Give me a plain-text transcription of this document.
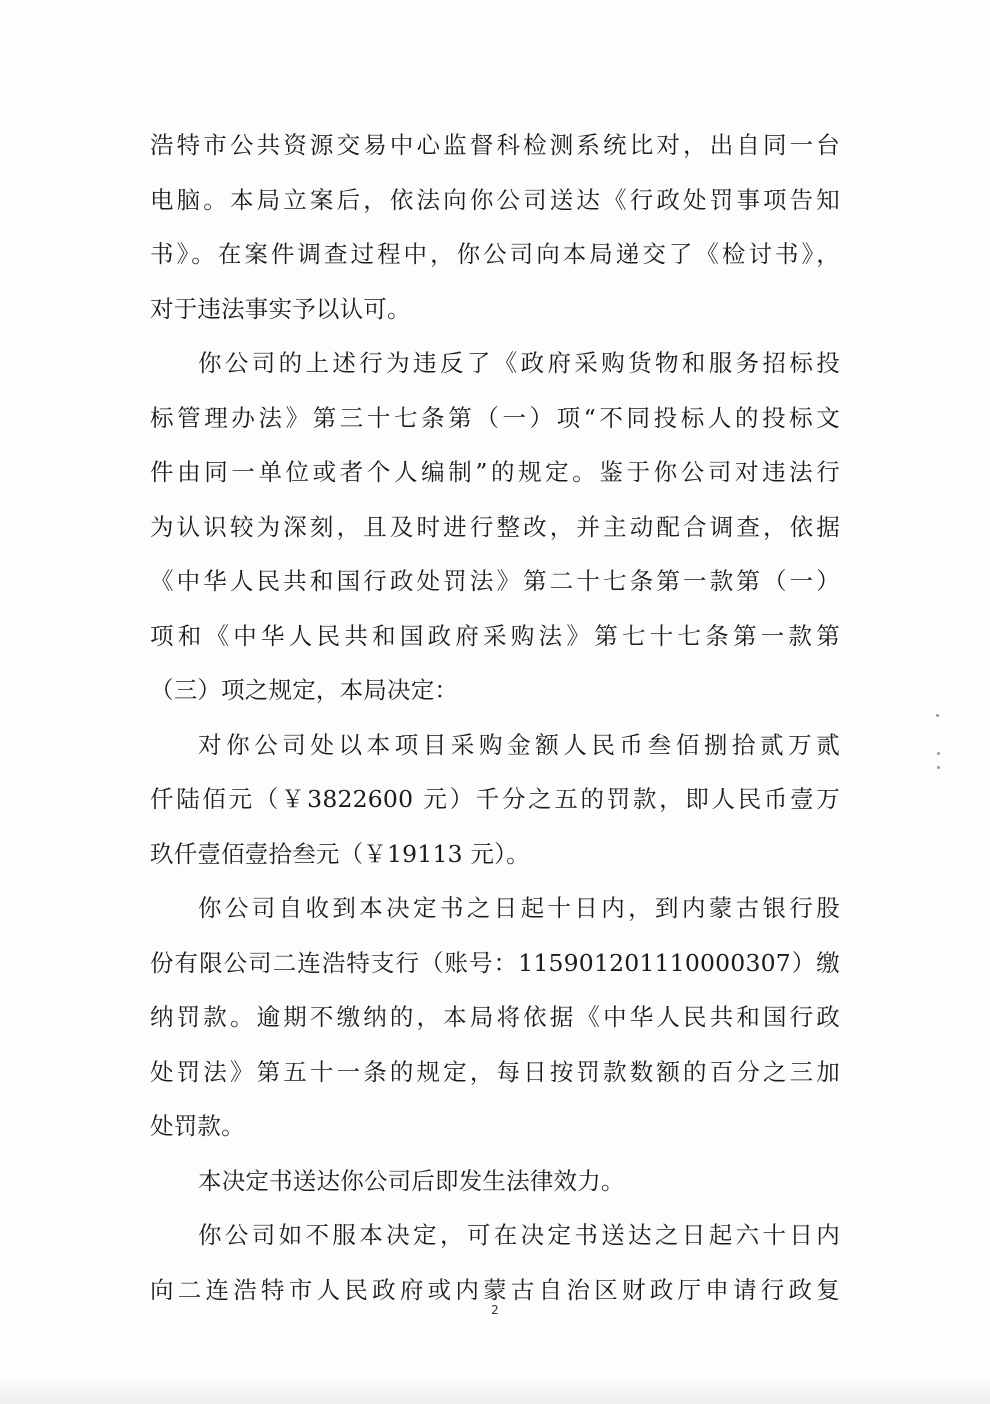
浩特市公共资源交易中心监督科检测系统比对，出自同一台
电脑。本局立案后，依法向你公司送达《行政处罚事项告知
书》。在案件调查过程中，你公司向本局递交了《检讨书》，
对于违法事实予以认可。
你公司的上述行为违反了《政府采购货物和服务招标投
标管理办法》第三十七条第（一）项“不同投标人的投标文
件由同一单位或者个人编制”的规定。鉴于你公司对违法行
为认识较为深刻，且及时进行整改，并主动配合调查，依据
《中华人民共和国行政处罚法》第二十七条第一款第（一）
项和《中华人民共和国政府采购法》第七十七条第一款第
（三）项之规定，本局决定：
对你公司处以本项目采购金额人民币叁佰捌拾贰万贰
仟陆佰元（￥3822600 元）千分之五的罚款，即人民币壹万
玖仟壹佰壹拾叁元（￥19113 元）。
你公司自收到本决定书之日起十日内，到内蒙古银行股
份有限公司二连浩特支行（账号：115901201110000307）缴
纳罚款。逾期不缴纳的，本局将依据《中华人民共和国行政
处罚法》第五十一条的规定，每日按罚款数额的百分之三加
处罚款。
本决定书送达你公司后即发生法律效力。
你公司如不服本决定，可在决定书送达之日起六十日内
向二连浩特市人民政府或内蒙古自治区财政厅申请行政复
2
